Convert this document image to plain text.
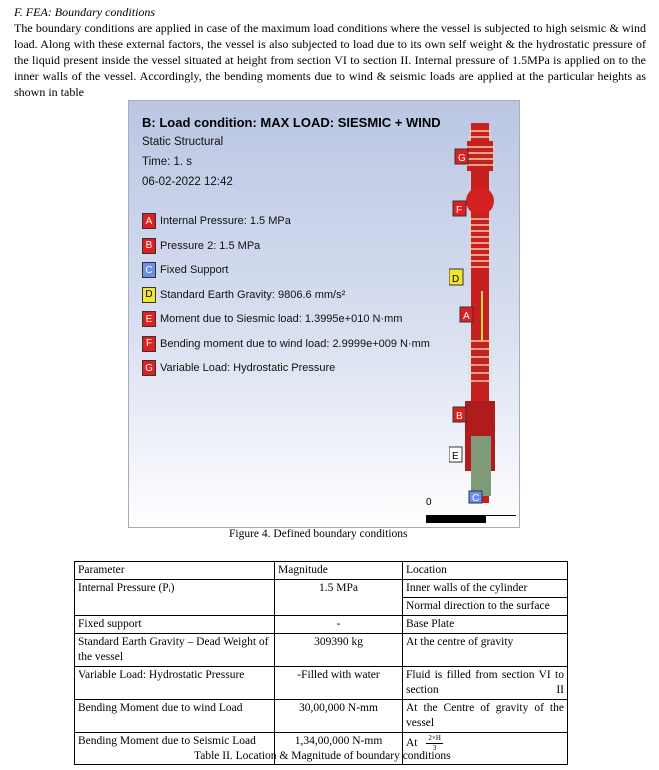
F. FEA: Boundary conditions
The boundary conditions are applied in case of the maximum load conditions where the vessel is subjected to high seismic & wind load. Along with these external factors, the vessel is also subjected to load due to its own self weight & the hydrostatic pressure of the liquid present inside the vessel situated at height from section VI to section II. Internal pressure of 1.5MPa is applied on to the inner walls of the vessel. Accordingly, the bending moments due to wind & seismic loads are applied at the particular heights as shown in table
B: Load condition: MAX LOAD: SIESMIC + WIND
Static Structural
Time: 1. s
06-02-2022 12:42
A Internal Pressure: 1.5 MPa
B Pressure 2: 1.5 MPa
C Fixed Support
D Standard Earth Gravity: 9806.6 mm/s²
E Moment due to Siesmic load: 1.3995e+010 N·mm
F Bending moment due to wind load: 2.9999e+009 N·mm
G Variable Load: Hydrostatic Pressure
G
F
D
A
B
E
C
0
Figure 4. Defined boundary conditions
Parameter	Magnitude	Location
Internal Pressure (Pᵢ)	1.5 MPa	Inner walls of the cylinder
		Normal direction to the surface
Fixed support	-	Base Plate
Standard Earth Gravity – Dead Weight of the vessel	309390 kg	At the centre of gravity
Variable Load: Hydrostatic Pressure	-Filled with water	Fluid is filled from section VI to section II
Bending Moment due to wind Load	30,00,000 N-mm	At the Centre of gravity of the vessel
Bending Moment due to Seismic Load	1,34,00,000 N-mm	At $\frac{2\times H}{3}$
Table II. Location & Magnitude of boundary conditions
